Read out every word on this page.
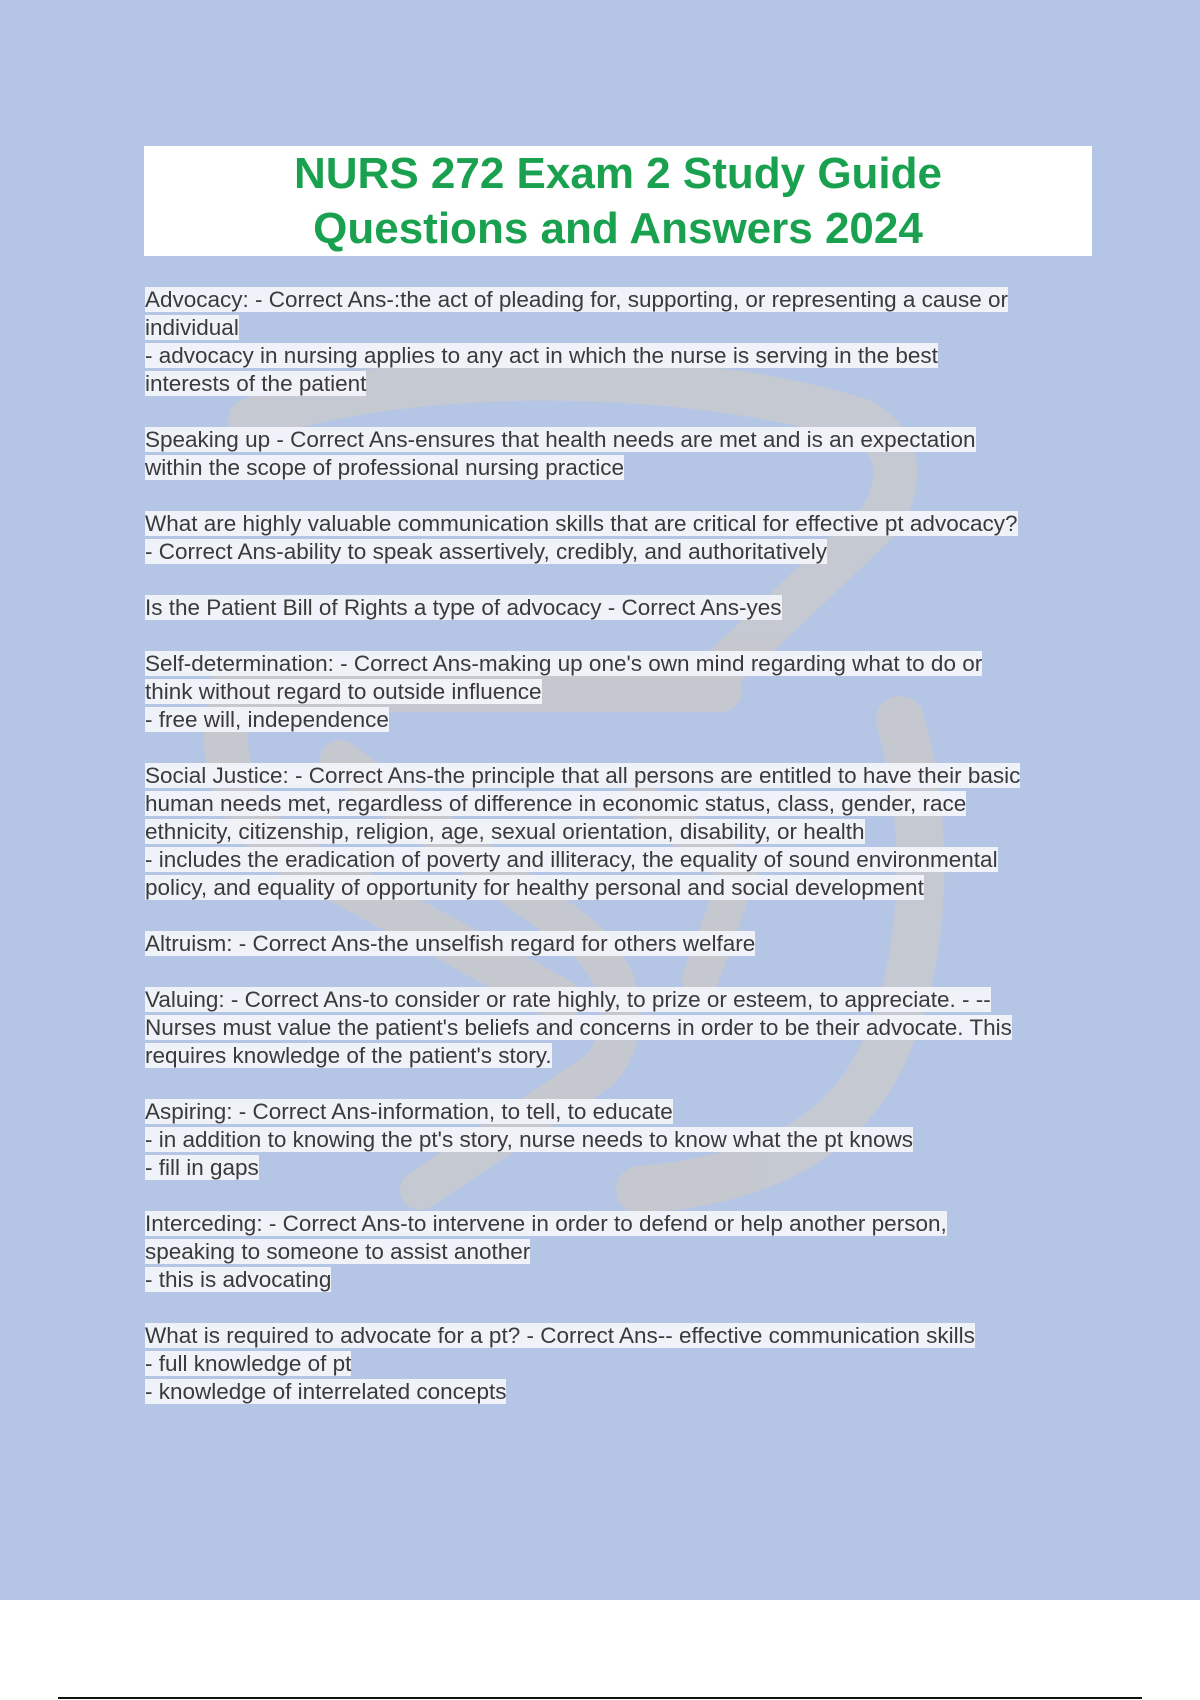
NURS 272 Exam 2 Study Guide
Questions and Answers 2024
Advocacy: - Correct Ans-:the act of pleading for, supporting, or representing a cause or
individual
- advocacy in nursing applies to any act in which the nurse is serving in the best
interests of the patient
Speaking up - Correct Ans-ensures that health needs are met and is an expectation
within the scope of professional nursing practice
What are highly valuable communication skills that are critical for effective pt advocacy?
- Correct Ans-ability to speak assertively, credibly, and authoritatively
Is the Patient Bill of Rights a type of advocacy - Correct Ans-yes
Self-determination: - Correct Ans-making up one's own mind regarding what to do or
think without regard to outside influence
- free will, independence
Social Justice: - Correct Ans-the principle that all persons are entitled to have their basic
human needs met, regardless of difference in economic status, class, gender, race
ethnicity, citizenship, religion, age, sexual orientation, disability, or health
- includes the eradication of poverty and illiteracy, the equality of sound environmental
policy, and equality of opportunity for healthy personal and social development
Altruism: - Correct Ans-the unselfish regard for others welfare
Valuing: - Correct Ans-to consider or rate highly, to prize or esteem, to appreciate. - --
Nurses must value the patient's beliefs and concerns in order to be their advocate. This
requires knowledge of the patient's story.
Aspiring: - Correct Ans-information, to tell, to educate
- in addition to knowing the pt's story, nurse needs to know what the pt knows
- fill in gaps
Interceding: - Correct Ans-to intervene in order to defend or help another person,
speaking to someone to assist another
- this is advocating
What is required to advocate for a pt? - Correct Ans-- effective communication skills
- full knowledge of pt
- knowledge of interrelated concepts
